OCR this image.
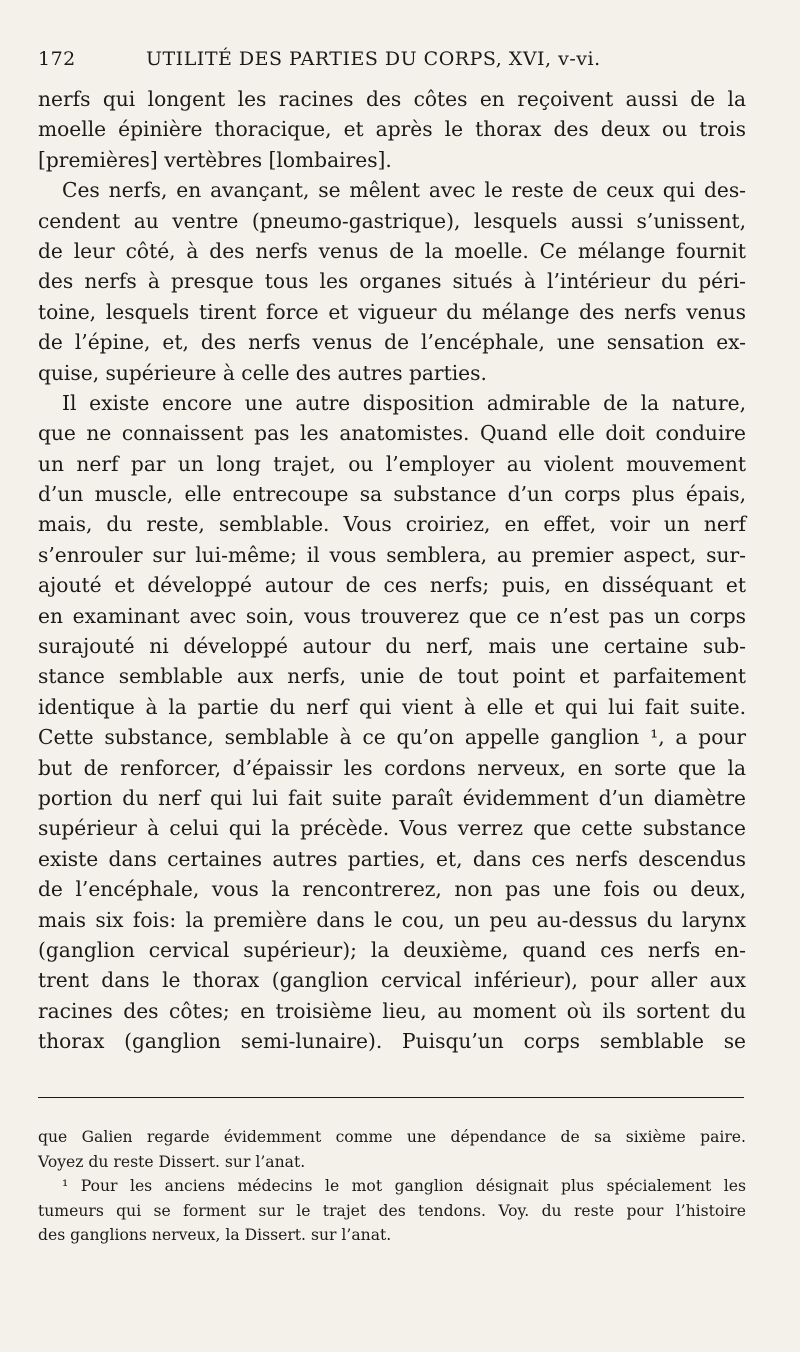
172	UTILITÉ DES PARTIES DU CORPS, XVI, v-vi.
nerfs qui longent les racines des côtes en reçoivent aussi de la
moelle épinière thoracique, et après le thorax des deux ou trois
[premières] vertèbres [lombaires].
Ces nerfs, en avançant, se mêlent avec le reste de ceux qui des-
cendent au ventre (pneumo-gastrique), lesquels aussi s’unissent,
de leur côté, à des nerfs venus de la moelle. Ce mélange fournit
des nerfs à presque tous les organes situés à l’intérieur du péri-
toine, lesquels tirent force et vigueur du mélange des nerfs venus
de l’épine, et, des nerfs venus de l’encéphale, une sensation ex-
quise, supérieure à celle des autres parties.
Il existe encore une autre disposition admirable de la nature,
que ne connaissent pas les anatomistes. Quand elle doit conduire
un nerf par un long trajet, ou l’employer au violent mouvement
d’un muscle, elle entrecoupe sa substance d’un corps plus épais,
mais, du reste, semblable. Vous croiriez, en effet, voir un nerf
s’enrouler sur lui-même; il vous semblera, au premier aspect, sur-
ajouté et développé autour de ces nerfs; puis, en disséquant et
en examinant avec soin, vous trouverez que ce n’est pas un corps
surajouté ni développé autour du nerf, mais une certaine sub-
stance semblable aux nerfs, unie de tout point et parfaitement
identique à la partie du nerf qui vient à elle et qui lui fait suite.
Cette substance, semblable à ce qu’on appelle ganglion ¹, a pour
but de renforcer, d’épaissir les cordons nerveux, en sorte que la
portion du nerf qui lui fait suite paraît évidemment d’un diamètre
supérieur à celui qui la précède. Vous verrez que cette substance
existe dans certaines autres parties, et, dans ces nerfs descendus
de l’encéphale, vous la rencontrerez, non pas une fois ou deux,
mais six fois: la première dans le cou, un peu au-dessus du larynx
(ganglion cervical supérieur); la deuxième, quand ces nerfs en-
trent dans le thorax (ganglion cervical inférieur), pour aller aux
racines des côtes; en troisième lieu, au moment où ils sortent du
thorax (ganglion semi-lunaire). Puisqu’un corps semblable se
que Galien regarde évidemment comme une dépendance de sa sixième paire.
Voyez du reste Dissert. sur l’anat.
¹ Pour les anciens médecins le mot ganglion désignait plus spécialement les
tumeurs qui se forment sur le trajet des tendons. Voy. du reste pour l’histoire
des ganglions nerveux, la Dissert. sur l’anat.
